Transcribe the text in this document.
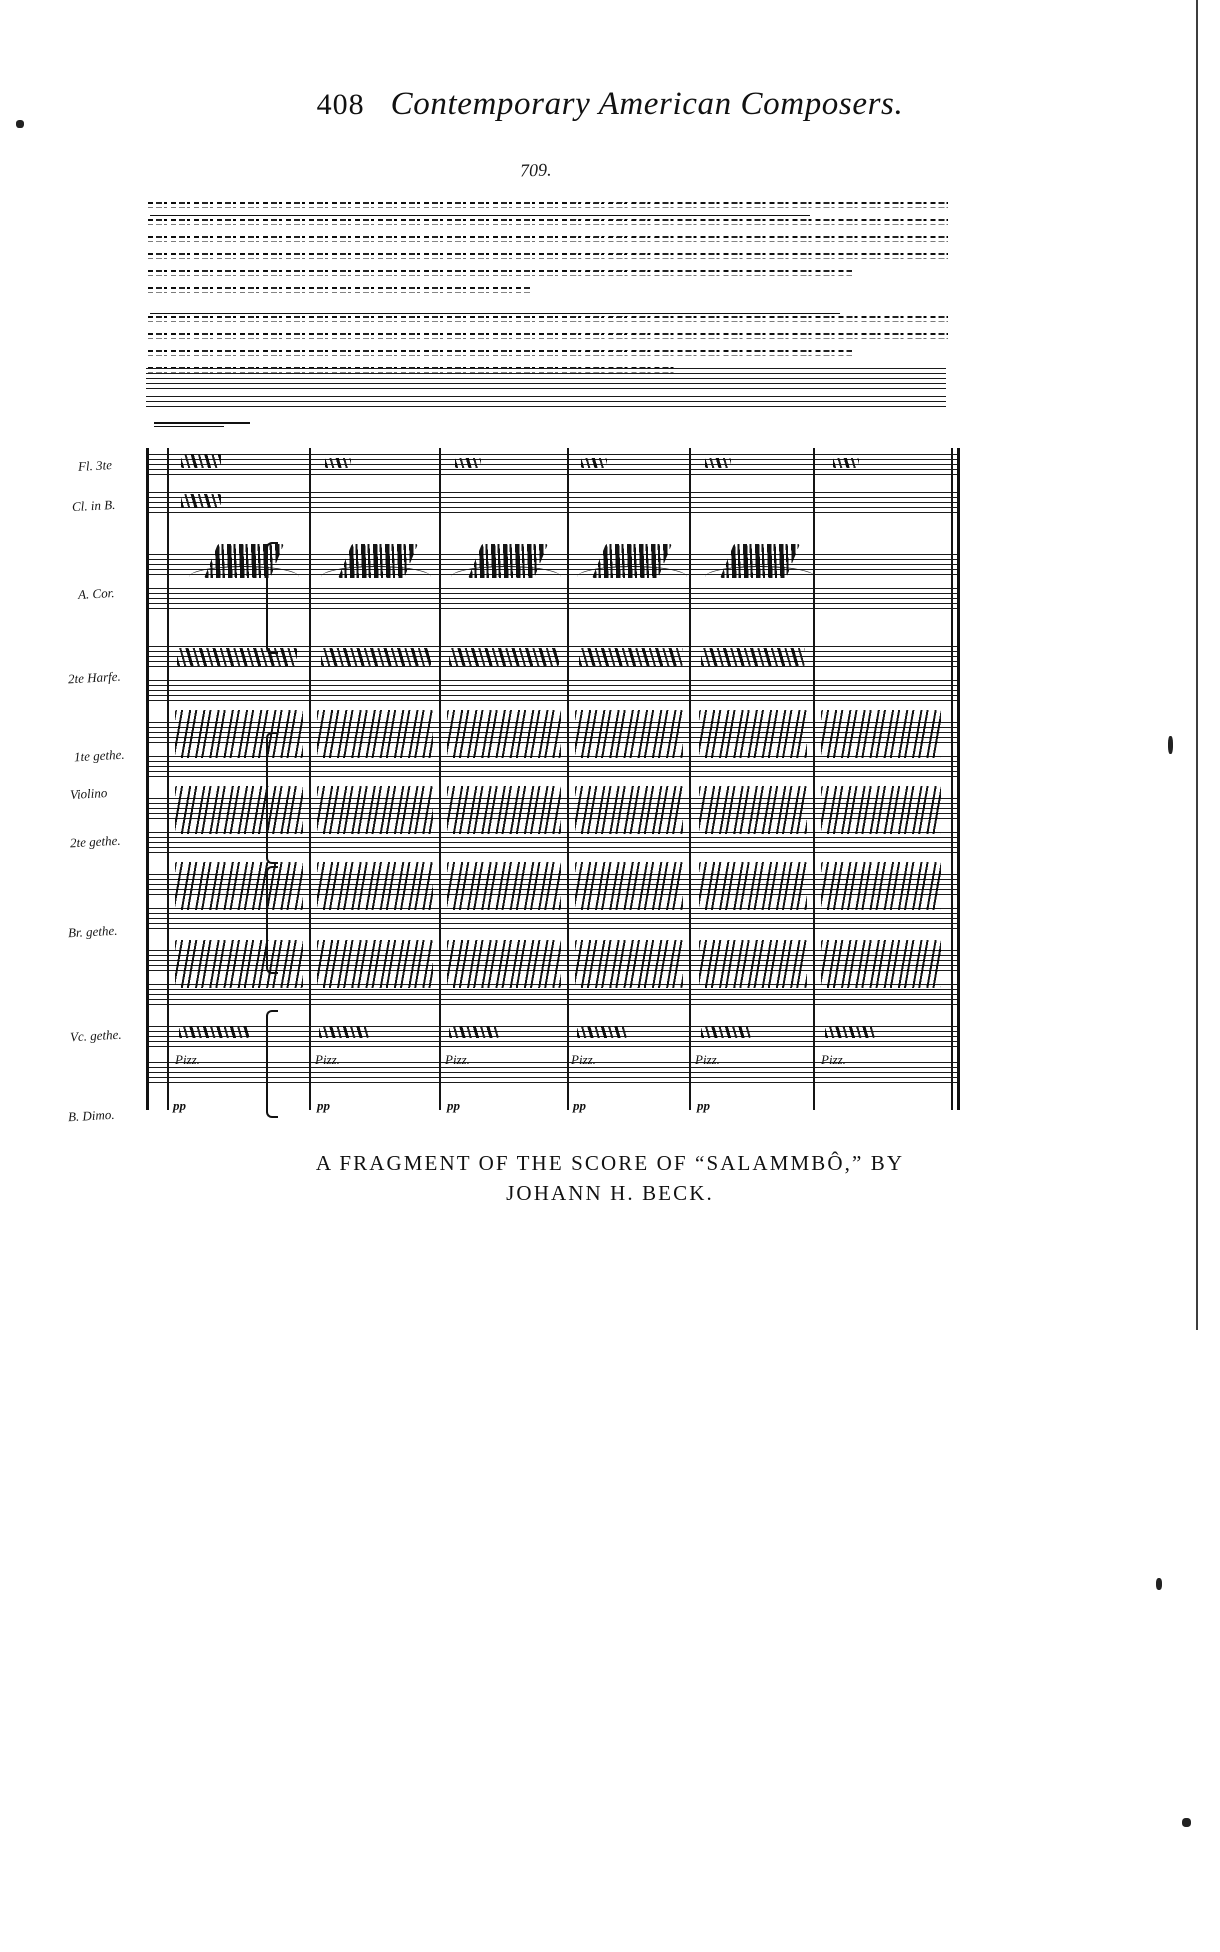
408 Contemporary American Composers.
709.
Pizz.	Pizz.	Pizz.	Pizz.	Pizz.	Pizz.
pp	pp	pp	pp	pp
Fl. 3te
Cl. in B.
A. Cor.
2te Harfe.
1te gethe.
Violino
2te gethe.
Br. gethe.
Vc. gethe.
B. Dimo.
A FRAGMENT OF THE SCORE OF “SALAMMBÔ,” BY
JOHANN H. BECK.
